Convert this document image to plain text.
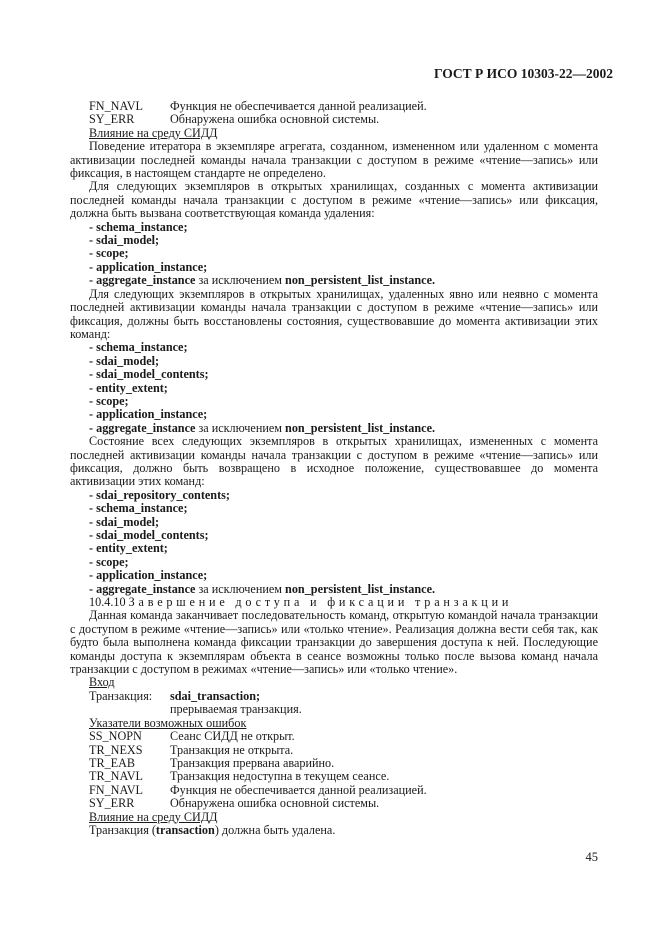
ГОСТ Р ИСО 10303-22—2002
FN_NAVL	Функция не обеспечивается данной реализацией.
SY_ERR	Обнаружена ошибка основной системы.
Влияние на среду СИДД

Поведение итератора в экземпляре агрегата, созданном, измененном или удаленном с момента активизации последней команды начала транзакции с доступом в режиме «чтение—запись» или фиксация, в настоящем стандарте не определено.

Для следующих экземпляров в открытых хранилищах, созданных с момента активизации последней команды начала транзакции с доступом в режиме «чтение—запись» или фиксация, должна быть вызвана соответствующая команда удаления:

- schema_instance;
- sdai_model;
- scope;
- application_instance;
- aggregate_instance за исключением non_persistent_list_instance.

Для следующих экземпляров в открытых хранилищах, удаленных явно или неявно с момента последней активизации команды начала транзакции с доступом в режиме «чтение—запись» или фиксация, должны быть восстановлены состояния, существовавшие до момента активизации этих команд:

- schema_instance;
- sdai_model;
- sdai_model_contents;
- entity_extent;
- scope;
- application_instance;
- aggregate_instance за исключением non_persistent_list_instance.

Состояние всех следующих экземпляров в открытых хранилищах, измененных с момента последней активизации команды начала транзакции с доступом в режиме «чтение—запись» или фиксация, должно быть возвращено в исходное положение, существовавшее до момента активизации этих команд:

- sdai_repository_contents;
- schema_instance;
- sdai_model;
- sdai_model_contents;
- entity_extent;
- scope;
- application_instance;
- aggregate_instance за исключением non_persistent_list_instance.
10.4.10 Завершение доступа и фиксации транзакции

Данная команда заканчивает последовательность команд, открытую командой начала транзакции с доступом в режиме «чтение—запись» или «только чтение». Реализация должна вести себя так, как будто была выполнена команда фиксации транзакции до завершения доступа к ней. Последующие команды доступа к экземплярам объекта в сеансе возможны только после вызова команд начала транзакции с доступом в режимах «чтение—запись» или «только чтение».

Вход
Транзакция:	sdai_transaction;
прерываемая транзакция.
Указатели возможных ошибок
SS_NOPN	Сеанс СИДД не открыт.
TR_NEXS	Транзакция не открыта.
TR_EAB	Транзакция прервана аварийно.
TR_NAVL	Транзакция недоступна в текущем сеансе.
FN_NAVL	Функция не обеспечивается данной реализацией.
SY_ERR	Обнаружена ошибка основной системы.
Влияние на среду СИДД
Транзакция (transaction) должна быть удалена.
45
